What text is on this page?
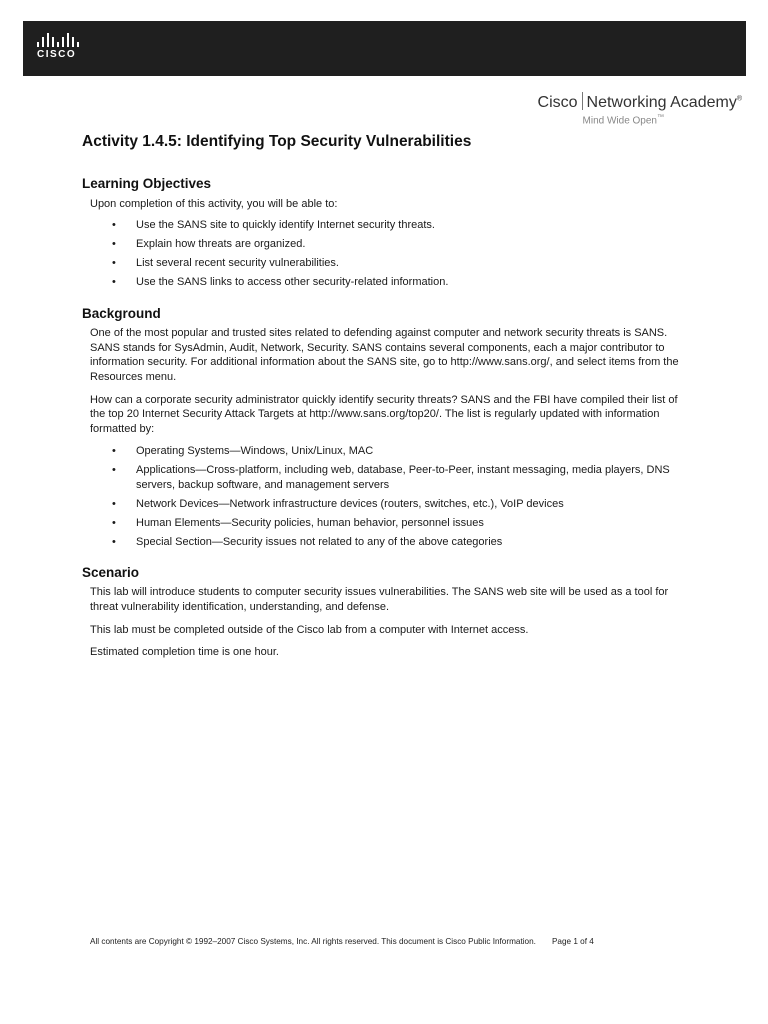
CISCO
Cisco Networking Academy®
Mind Wide Open™
Activity 1.4.5: Identifying Top Security Vulnerabilities
Learning Objectives

Upon completion of this activity, you will be able to:

• Use the SANS site to quickly identify Internet security threats.
• Explain how threats are organized.
• List several recent security vulnerabilities.
• Use the SANS links to access other security-related information.
Background

One of the most popular and trusted sites related to defending against computer and network security threats is SANS. SANS stands for SysAdmin, Audit, Network, Security. SANS contains several components, each a major contributor to information security. For additional information about the SANS site, go to http://www.sans.org/, and select items from the Resources menu.

How can a corporate security administrator quickly identify security threats? SANS and the FBI have compiled their list of the top 20 Internet Security Attack Targets at http://www.sans.org/top20/. The list is regularly updated with information formatted by:

• Operating Systems—Windows, Unix/Linux, MAC
• Applications—Cross-platform, including web, database, Peer-to-Peer, instant messaging, media players, DNS servers, backup software, and management servers
• Network Devices—Network infrastructure devices (routers, switches, etc.), VoIP devices
• Human Elements—Security policies, human behavior, personnel issues
• Special Section—Security issues not related to any of the above categories
Scenario

This lab will introduce students to computer security issues vulnerabilities. The SANS web site will be used as a tool for threat vulnerability identification, understanding, and defense.

This lab must be completed outside of the Cisco lab from a computer with Internet access.

Estimated completion time is one hour.

All contents are Copyright © 1992–2007 Cisco Systems, Inc. All rights reserved. This document is Cisco Public Information. Page 1 of 4
